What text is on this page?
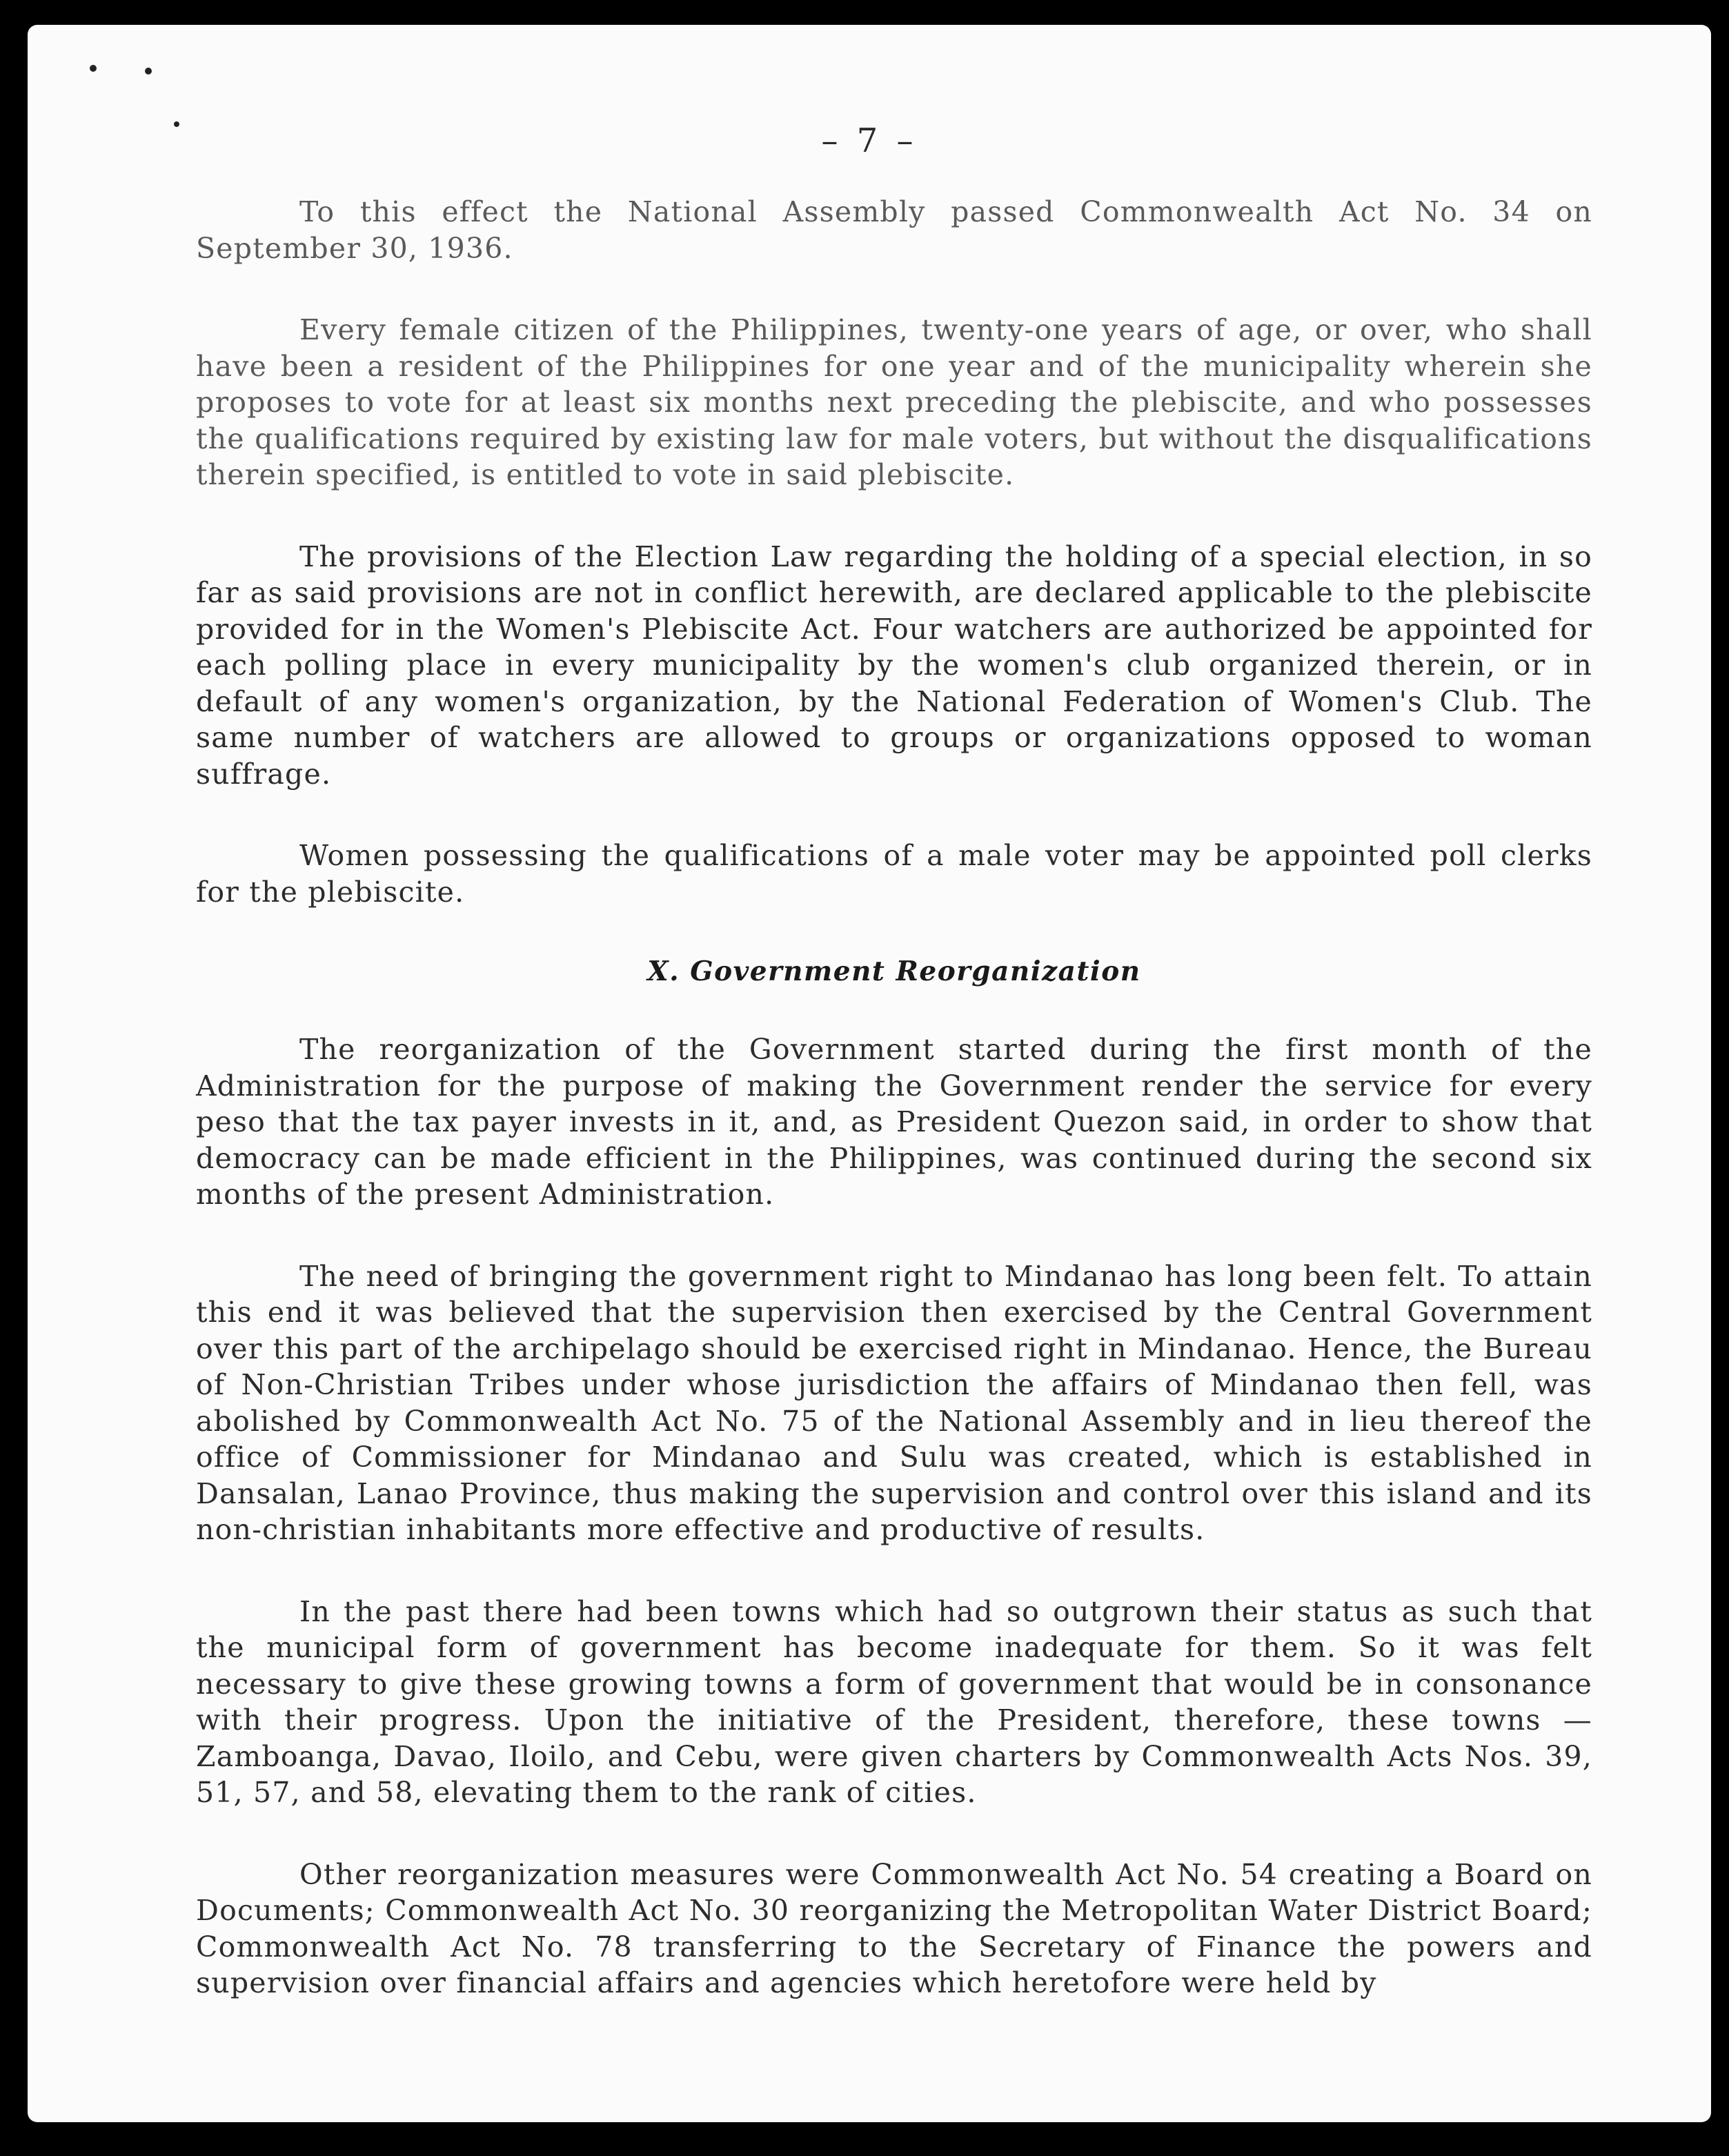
– 7 –

To this effect the National Assembly passed Commonwealth Act No. 34 on September 30, 1936.

Every female citizen of the Philippines, twenty-one years of age, or over, who shall have been a resident of the Philippines for one year and of the municipality wherein she proposes to vote for at least six months next preceding the plebiscite, and who possesses the qualifications required by existing law for male voters, but without the disqualifications therein specified, is entitled to vote in said plebiscite.

The provisions of the Election Law regarding the holding of a special election, in so far as said provisions are not in conflict herewith, are declared applicable to the plebiscite provided for in the Women's Plebiscite Act. Four watchers are authorized be appointed for each polling place in every municipality by the women's club organized therein, or in default of any women's organization, by the National Federation of Women's Club. The same number of watchers are allowed to groups or organizations opposed to woman suffrage.

Women possessing the qualifications of a male voter may be appointed poll clerks for the plebiscite.

X. Government Reorganization

The reorganization of the Government started during the first month of the Administration for the purpose of making the Government render the service for every peso that the tax payer invests in it, and, as President Quezon said, in order to show that democracy can be made efficient in the Philippines, was continued during the second six months of the present Administration.

The need of bringing the government right to Mindanao has long been felt. To attain this end it was believed that the supervision then exercised by the Central Government over this part of the archipelago should be exercised right in Mindanao. Hence, the Bureau of Non-Christian Tribes under whose jurisdiction the affairs of Mindanao then fell, was abolished by Commonwealth Act No. 75 of the National Assembly and in lieu thereof the office of Commissioner for Mindanao and Sulu was created, which is established in Dansalan, Lanao Province, thus making the supervision and control over this island and its non-christian inhabitants more effective and productive of results.

In the past there had been towns which had so outgrown their status as such that the municipal form of government has become inadequate for them. So it was felt necessary to give these growing towns a form of government that would be in consonance with their progress. Upon the initiative of the President, therefore, these towns — Zamboanga, Davao, Iloilo, and Cebu, were given charters by Commonwealth Acts Nos. 39, 51, 57, and 58, elevating them to the rank of cities.

Other reorganization measures were Commonwealth Act No. 54 creating a Board on Documents; Commonwealth Act No. 30 reorganizing the Metropolitan Water District Board; Commonwealth Act No. 78 transferring to the Secretary of Finance the powers and supervision over financial affairs and agencies which heretofore were held by
